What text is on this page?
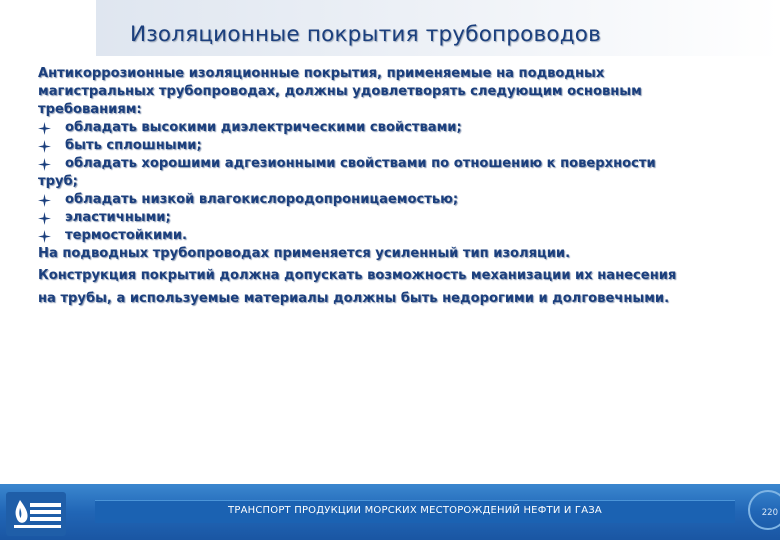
Изоляционные покрытия трубопроводов
Антикоррозионные изоляционные покрытия, применяемые на подводных
магистральных трубопроводах, должны удовлетворять следующим основным
требованиям:
обладать высокими диэлектрическими свойствами;
быть сплошными;
обладать хорошими адгезионными свойствами по отношению к поверхности
труб;
обладать низкой влагокислородопроницаемостью;
эластичными;
термостойкими.
На подводных трубопроводах применяется усиленный тип изоляции.
Конструкция покрытий должна допускать возможность механизации их нанесения
на трубы, а используемые материалы должны быть недорогими и долговечными.
ТРАНСПОРТ ПРОДУКЦИИ МОРСКИХ МЕСТОРОЖДЕНИЙ НЕФТИ И ГАЗА	220
